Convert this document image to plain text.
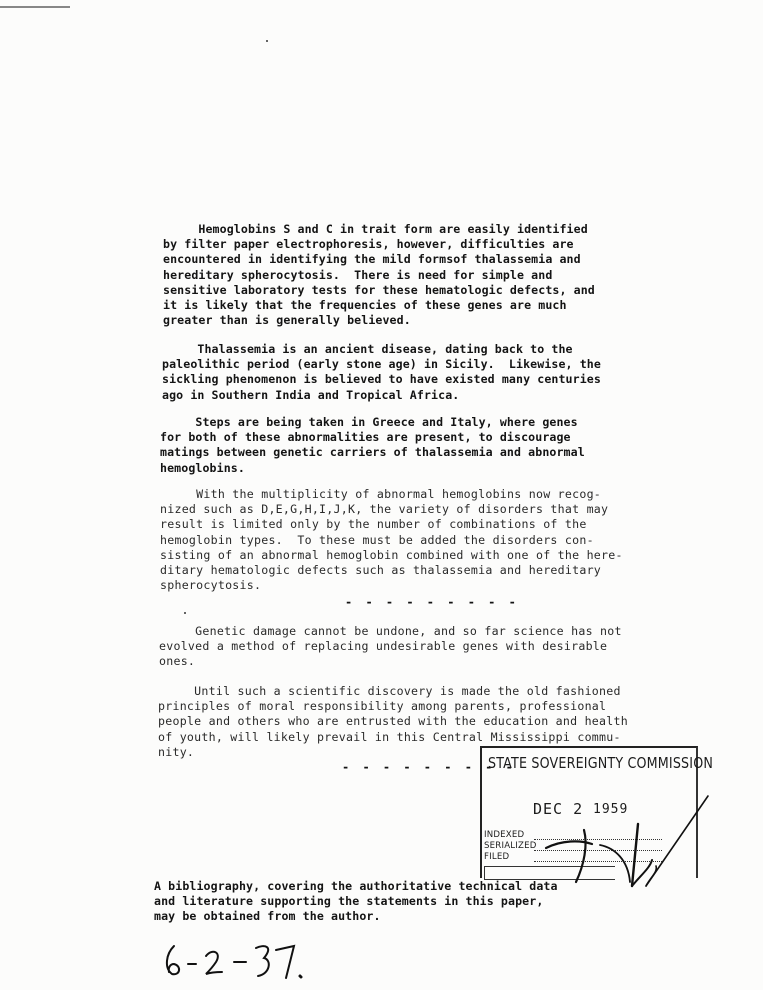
Hemoglobins S and C in trait form are easily identified
by filter paper electrophoresis, however, difficulties are
encountered in identifying the mild formsof thalassemia and
hereditary spherocytosis.  There is need for simple and
sensitive laboratory tests for these hematologic defects, and
it is likely that the frequencies of these genes are much
greater than is generally believed.

Thalassemia is an ancient disease, dating back to the
paleolithic period (early stone age) in Sicily.  Likewise, the
sickling phenomenon is believed to have existed many centuries
ago in Southern India and Tropical Africa.

Steps are being taken in Greece and Italy, where genes
for both of these abnormalities are present, to discourage
matings between genetic carriers of thalassemia and abnormal
hemoglobins.

With the multiplicity of abnormal hemoglobins now recog-
nized such as D,E,G,H,I,J,K, the variety of disorders that may
result is limited only by the number of combinations of the
hemoglobin types.  To these must be added the disorders con-
sisting of an abnormal hemoglobin combined with one of the here-
ditary hematologic defects such as thalassemia and hereditary
spherocytosis.

- - - - - - - - -

Genetic damage cannot be undone, and so far science has not
evolved a method of replacing undesirable genes with desirable
ones.

Until such a scientific discovery is made the old fashioned
principles of moral responsibility among parents, professional
people and others who are entrusted with the education and health
of youth, will likely prevail in this Central Mississippi commu-
nity.

- - - - - - - - -
STATE SOVEREIGNTY COMMISSION
DEC 2 1959
INDEXED
SERIALIZED
FILED

A bibliography, covering the authoritative technical data
and literature supporting the statements in this paper,
may be obtained from the author.
